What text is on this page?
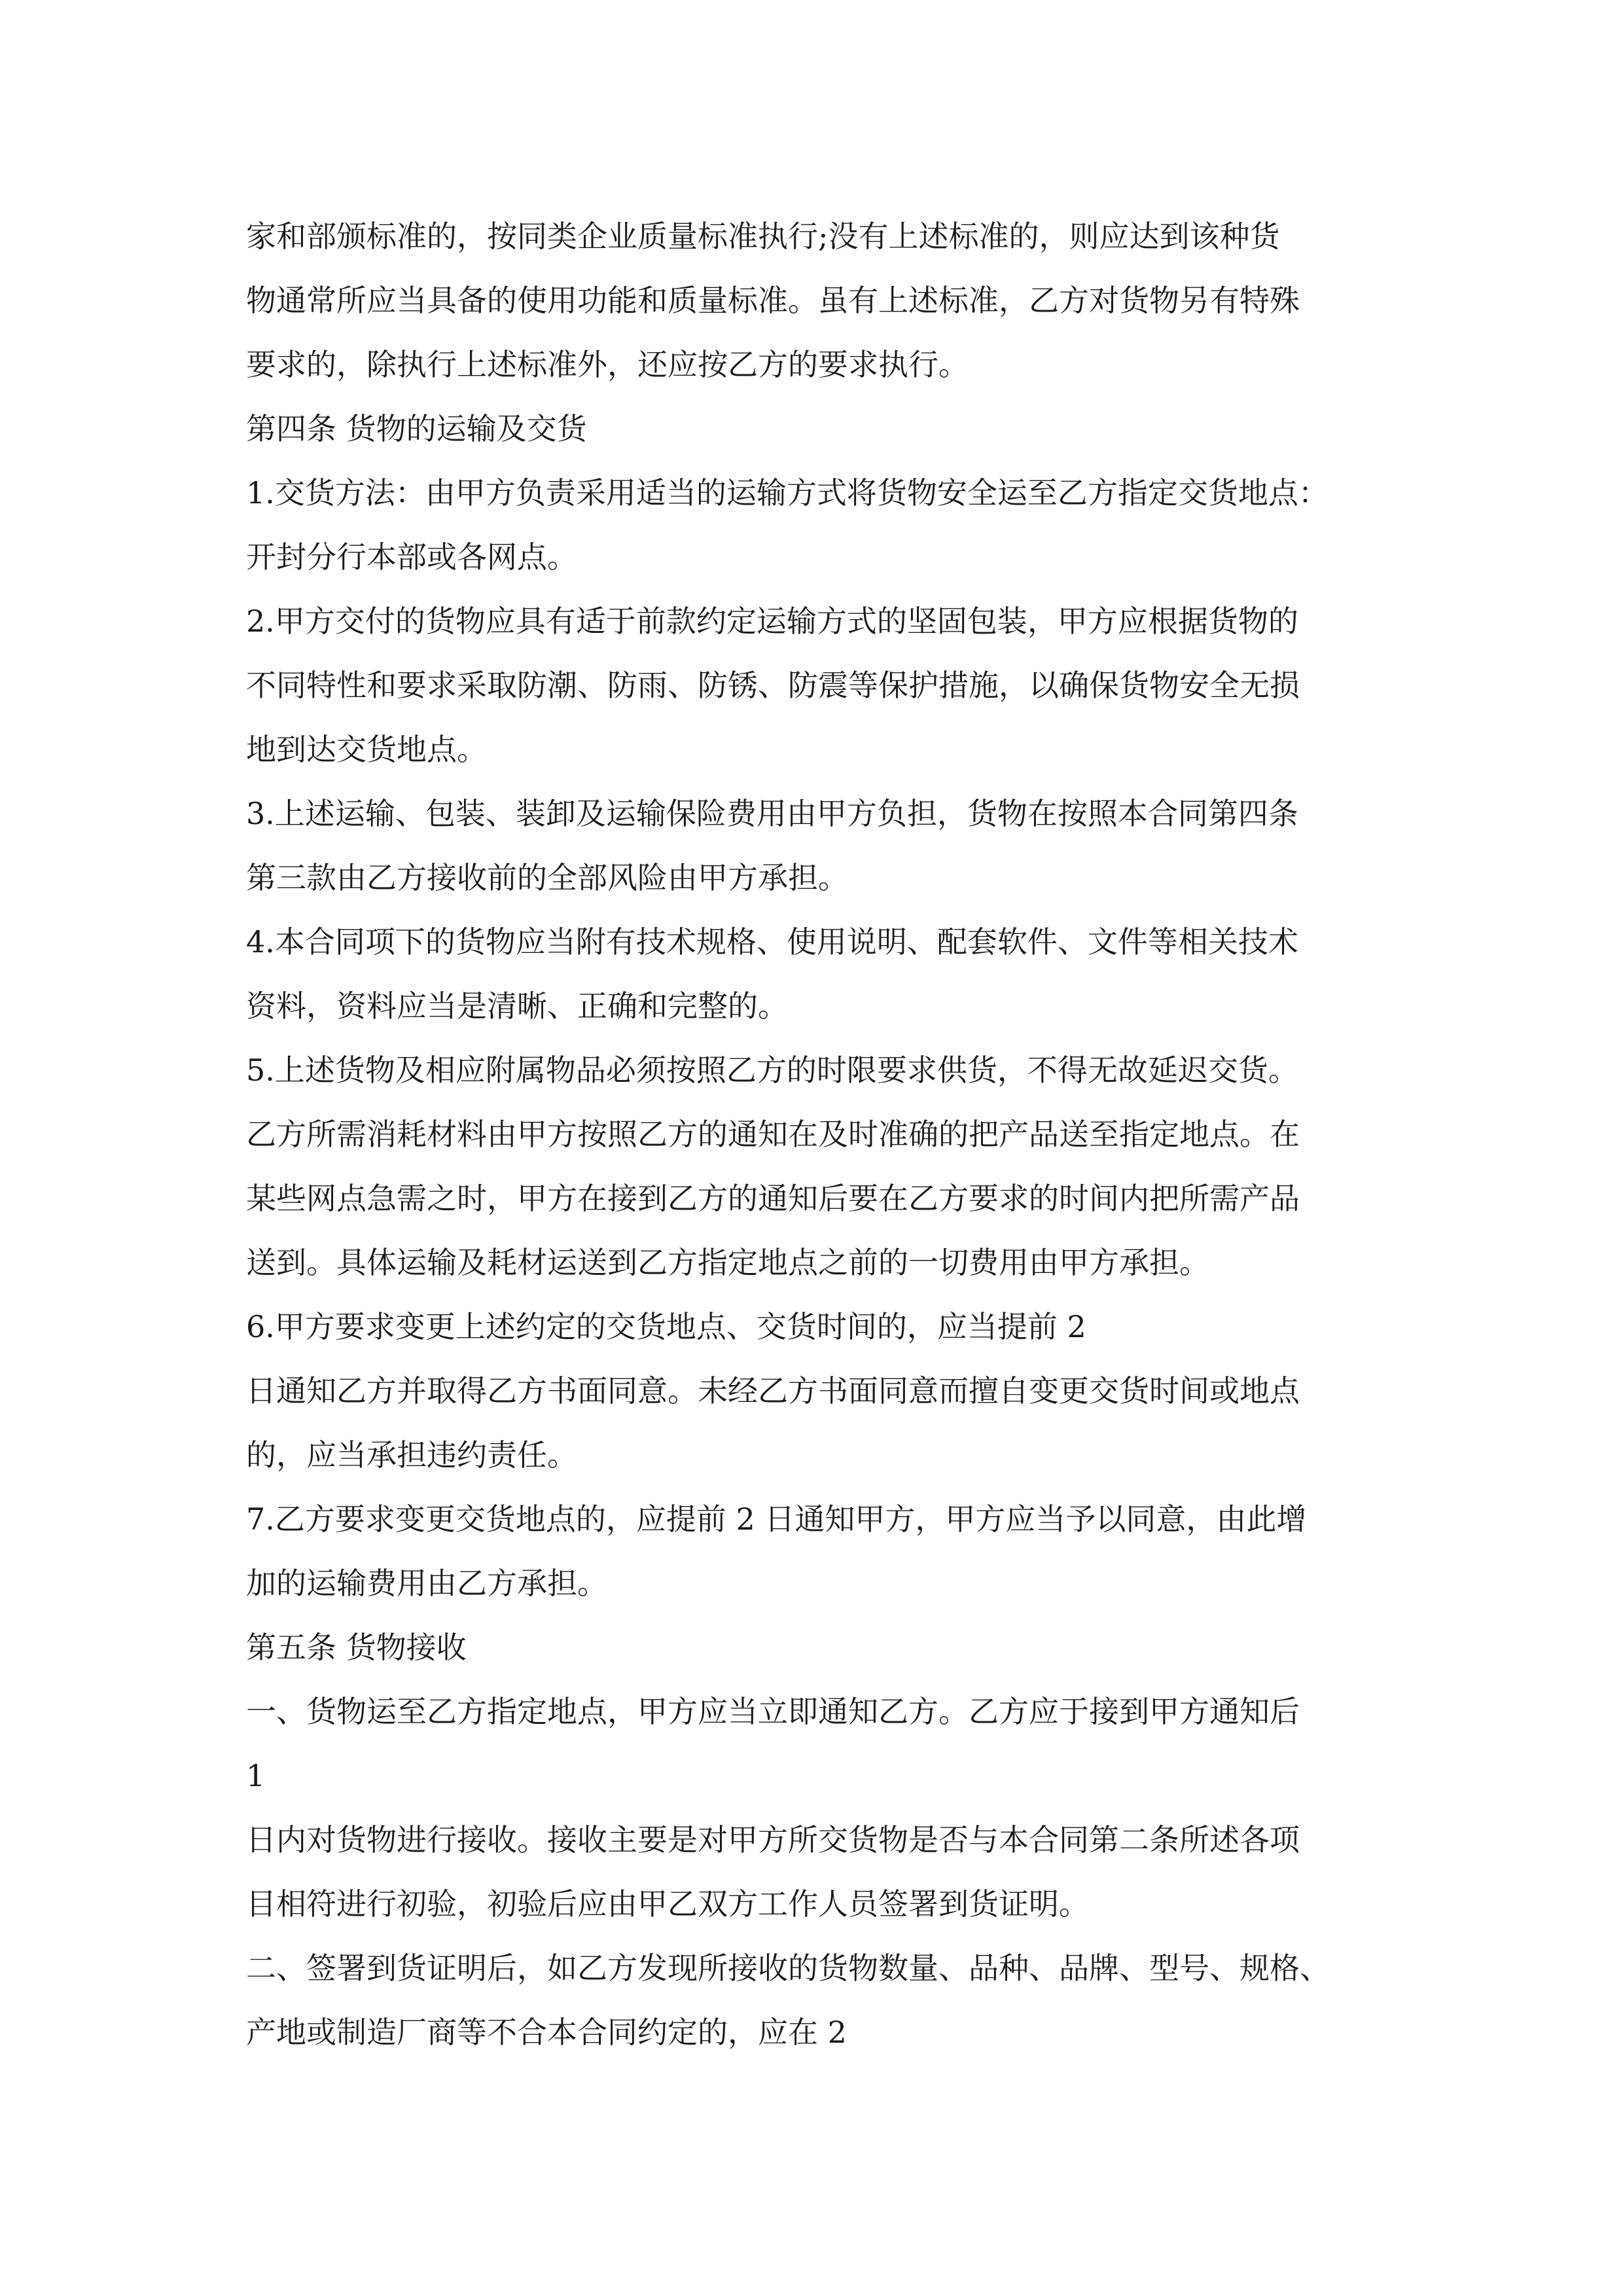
家和部颁标准的，按同类企业质量标准执行;没有上述标准的，则应达到该种货
物通常所应当具备的使用功能和质量标准。虽有上述标准，乙方对货物另有特殊
要求的，除执行上述标准外，还应按乙方的要求执行。
第四条 货物的运输及交货
1.交货方法：由甲方负责采用适当的运输方式将货物安全运至乙方指定交货地点：
开封分行本部或各网点。
2.甲方交付的货物应具有适于前款约定运输方式的坚固包装，甲方应根据货物的
不同特性和要求采取防潮、防雨、防锈、防震等保护措施，以确保货物安全无损
地到达交货地点。
3.上述运输、包装、装卸及运输保险费用由甲方负担，货物在按照本合同第四条
第三款由乙方接收前的全部风险由甲方承担。
4.本合同项下的货物应当附有技术规格、使用说明、配套软件、文件等相关技术
资料，资料应当是清晰、正确和完整的。
5.上述货物及相应附属物品必须按照乙方的时限要求供货，不得无故延迟交货。
乙方所需消耗材料由甲方按照乙方的通知在及时准确的把产品送至指定地点。在
某些网点急需之时，甲方在接到乙方的通知后要在乙方要求的时间内把所需产品
送到。具体运输及耗材运送到乙方指定地点之前的一切费用由甲方承担。
6.甲方要求变更上述约定的交货地点、交货时间的，应当提前 2
日通知乙方并取得乙方书面同意。未经乙方书面同意而擅自变更交货时间或地点
的，应当承担违约责任。
7.乙方要求变更交货地点的，应提前 2 日通知甲方，甲方应当予以同意，由此增
加的运输费用由乙方承担。
第五条 货物接收
一、货物运至乙方指定地点，甲方应当立即通知乙方。乙方应于接到甲方通知后
1
日内对货物进行接收。接收主要是对甲方所交货物是否与本合同第二条所述各项
目相符进行初验，初验后应由甲乙双方工作人员签署到货证明。
二、签署到货证明后，如乙方发现所接收的货物数量、品种、品牌、型号、规格、
产地或制造厂商等不合本合同约定的，应在 2
